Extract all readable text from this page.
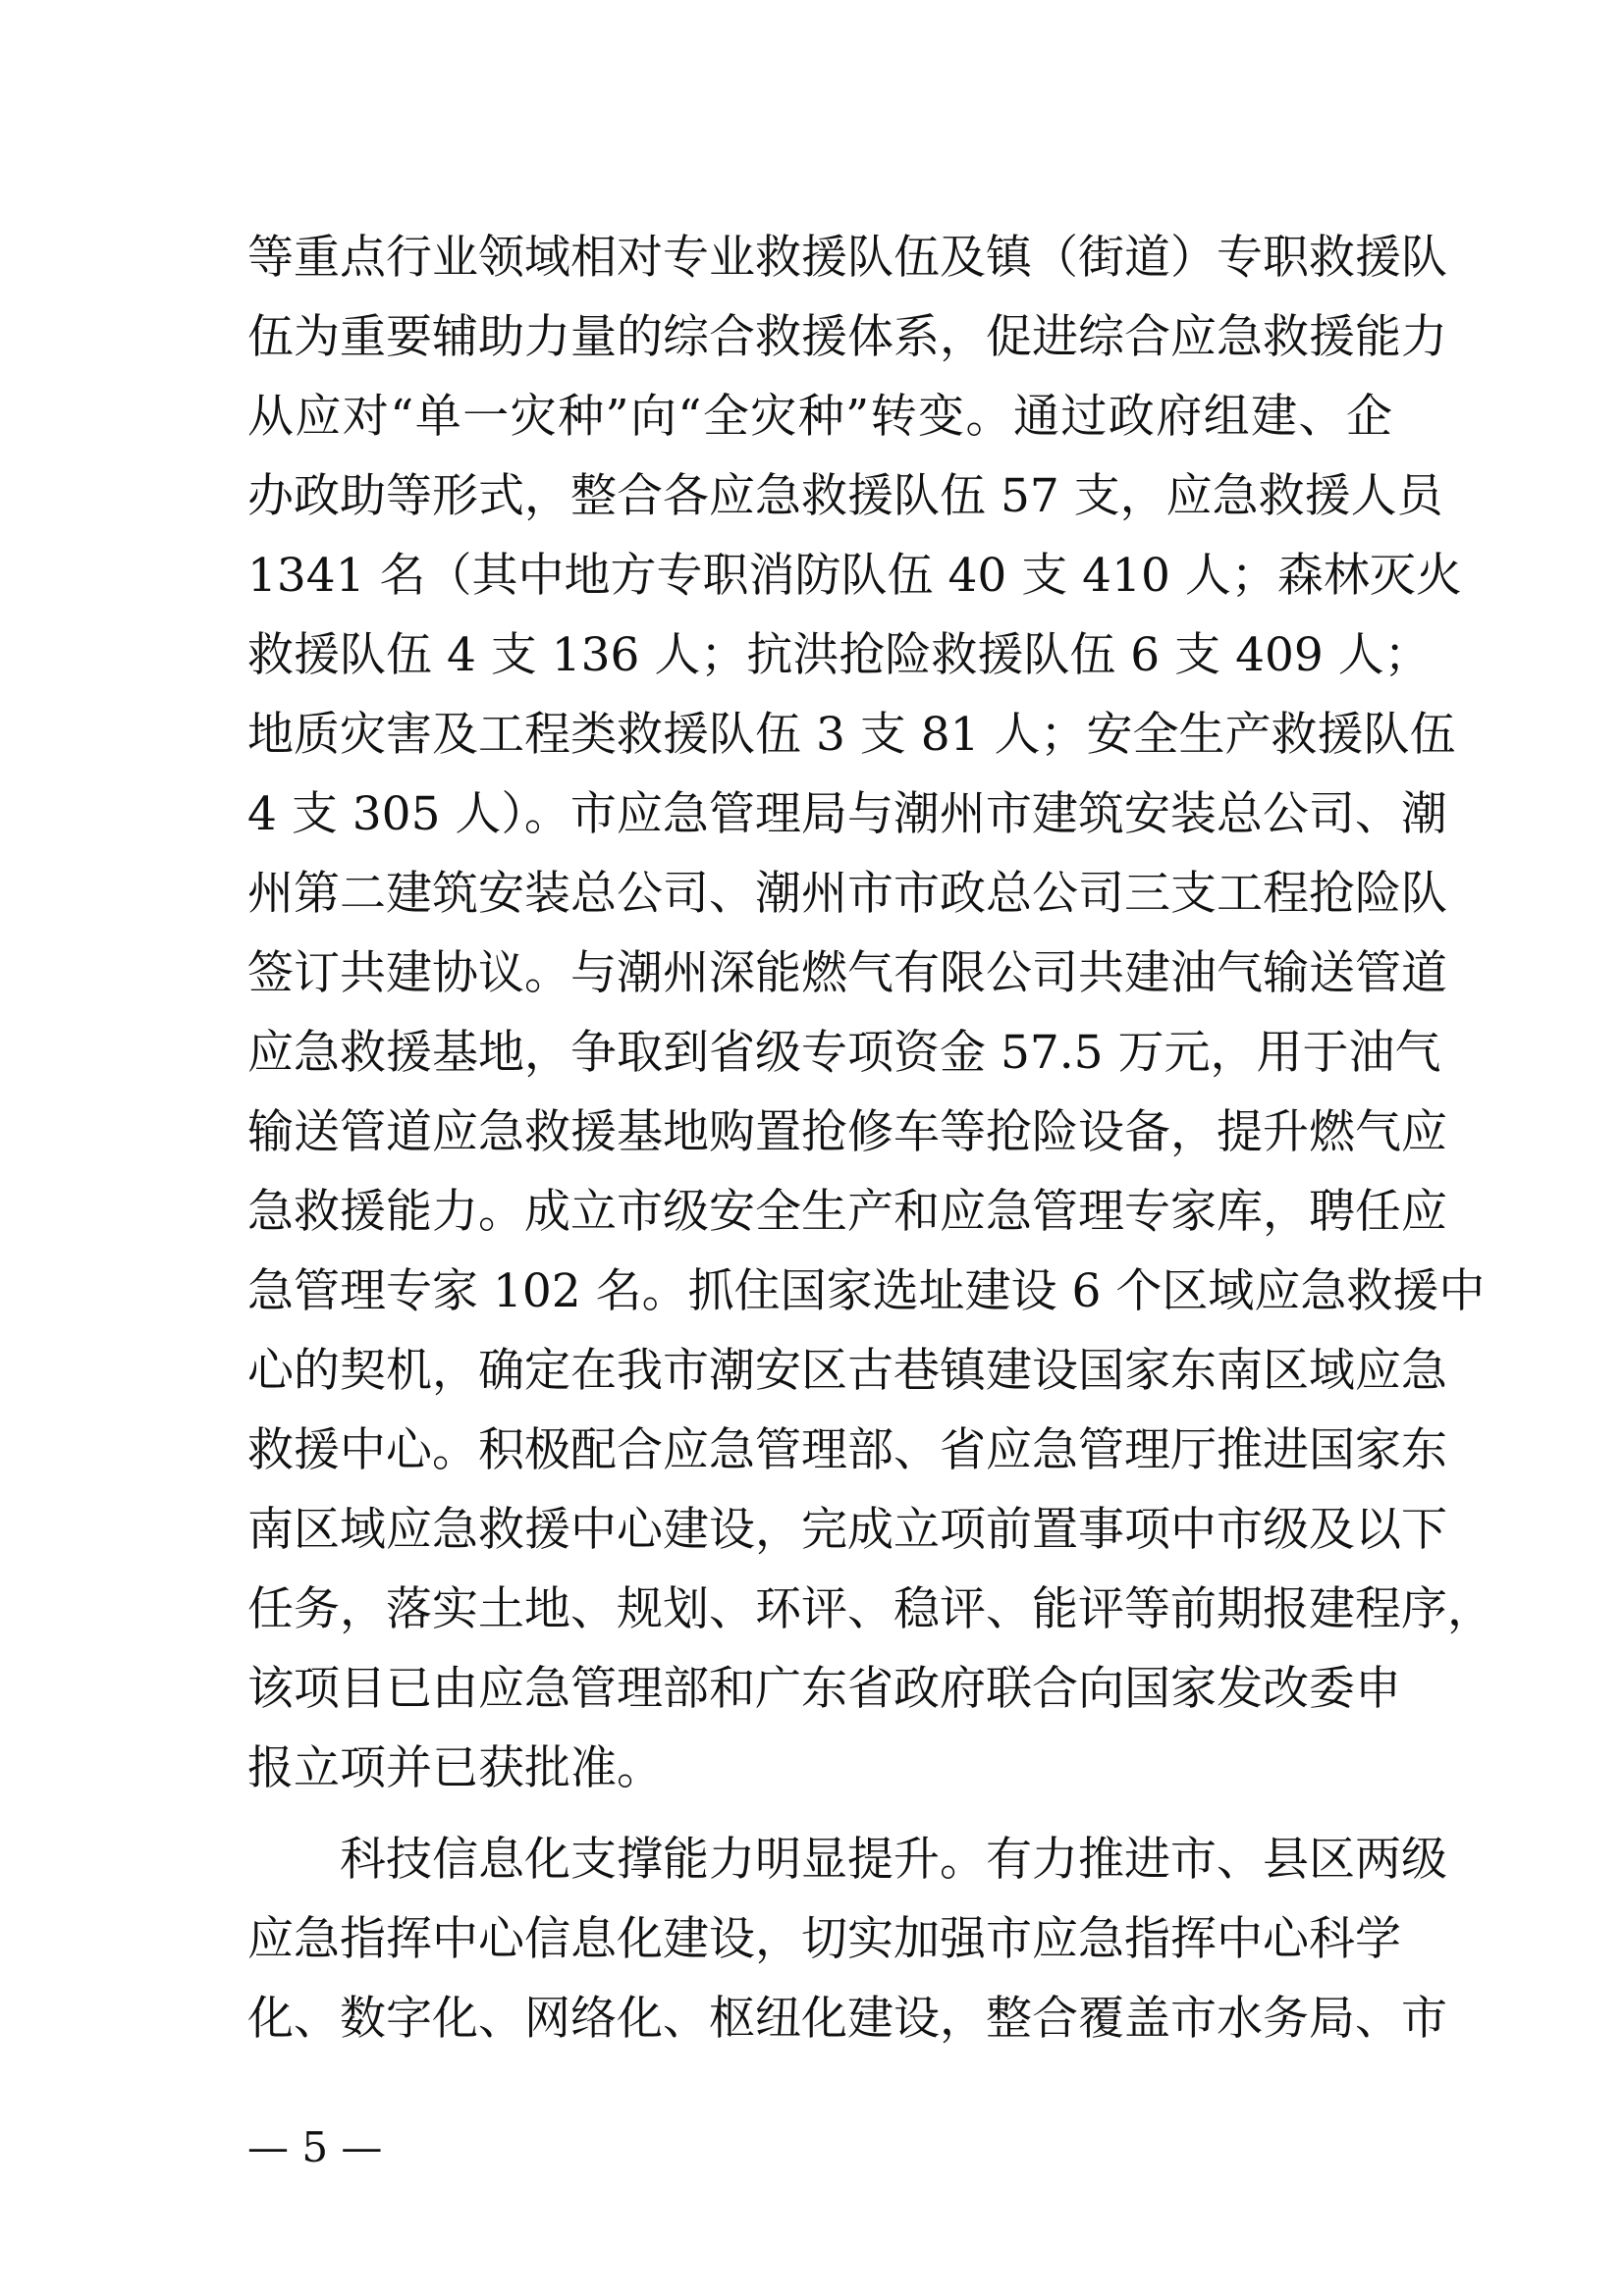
等重点行业领域相对专业救援队伍及镇（街道）专职救援队
伍为重要辅助力量的综合救援体系，促进综合应急救援能力
从应对“单一灾种”向“全灾种”转变。通过政府组建、企
办政助等形式，整合各应急救援队伍 57 支，应急救援人员
1341 名（其中地方专职消防队伍 40 支 410 人；森林灭火
救援队伍 4 支 136 人；抗洪抢险救援队伍 6 支 409 人；
地质灾害及工程类救援队伍 3 支 81 人；安全生产救援队伍
4 支 305 人）。市应急管理局与潮州市建筑安装总公司、潮
州第二建筑安装总公司、潮州市市政总公司三支工程抢险队
签订共建协议。与潮州深能燃气有限公司共建油气输送管道
应急救援基地，争取到省级专项资金 57.5 万元，用于油气
输送管道应急救援基地购置抢修车等抢险设备，提升燃气应
急救援能力。成立市级安全生产和应急管理专家库，聘任应
急管理专家 102 名。抓住国家选址建设 6 个区域应急救援中
心的契机，确定在我市潮安区古巷镇建设国家东南区域应急
救援中心。积极配合应急管理部、省应急管理厅推进国家东
南区域应急救援中心建设，完成立项前置事项中市级及以下
任务，落实土地、规划、环评、稳评、能评等前期报建程序，
该项目已由应急管理部和广东省政府联合向国家发改委申
报立项并已获批准。
科技信息化支撑能力明显提升。有力推进市、县区两级
应急指挥中心信息化建设，切实加强市应急指挥中心科学
化、数字化、网络化、枢纽化建设，整合覆盖市水务局、市
— 5 —
